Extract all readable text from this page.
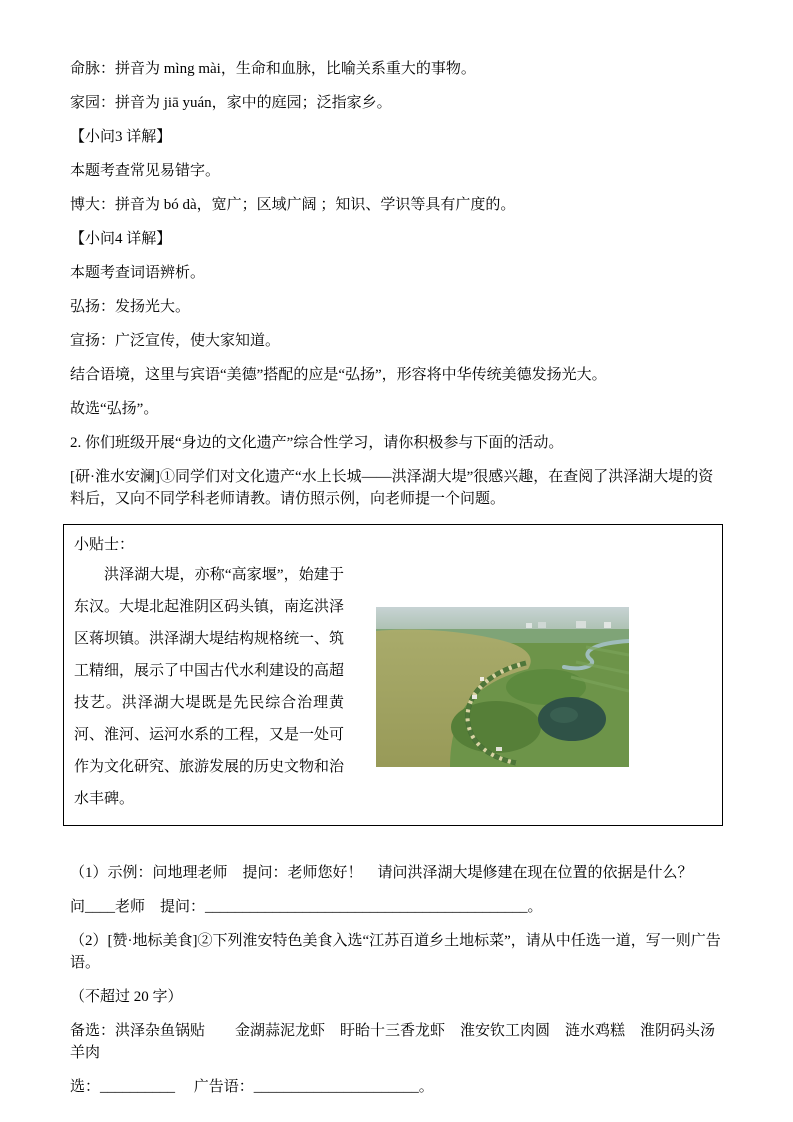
命脉：拼音为 mìng mài，生命和血脉，比喻关系重大的事物。

家园：拼音为 jiā yuán，家中的庭园；泛指家乡。

【小问3 详解】

本题考查常见易错字。

博大：拼音为 bó dà，宽广；区域广阔 ；知识、学识等具有广度的。

【小问4 详解】

本题考查词语辨析。

弘扬：发扬光大。

宣扬：广泛宣传，使大家知道。

结合语境，这里与宾语“美德”搭配的应是“弘扬”，形容将中华传统美德发扬光大。

故选“弘扬”。

2. 你们班级开展“身边的文化遗产”综合性学习，请你积极参与下面的活动。

[研·淮水安澜]①同学们对文化遗产“水上长城——洪泽湖大堤”很感兴趣，在查阅了洪泽湖大堤的资料后，又向不同学科老师请教。请仿照示例，向老师提一个问题。

小贴士：

洪泽湖大堤，亦称“高家堰”，始建于东汉。大堤北起淮阴区码头镇，南迄洪泽区蒋坝镇。洪泽湖大堤结构规格统一、筑工精细，展示了中国古代水利建设的高超技艺。洪泽湖大堤既是先民综合治理黄河、淮河、运河水系的工程，又是一处可作为文化研究、旅游发展的历史文物和治水丰碑。

（1）示例：问地理老师　提问：老师您好！　请问洪泽湖大堤修建在现在位置的依据是什么？

问____老师　提问：___________________________________________。

（2）[赞·地标美食]②下列淮安特色美食入选“江苏百道乡土地标菜”，请从中任选一道，写一则广告语。

（不超过 20 字）

备选：洪泽杂鱼锅贴　　金湖蒜泥龙虾　盱眙十三香龙虾　淮安钦工肉圆　涟水鸡糕　淮阴码头汤羊肉

选：__________　 广告语：______________________。
